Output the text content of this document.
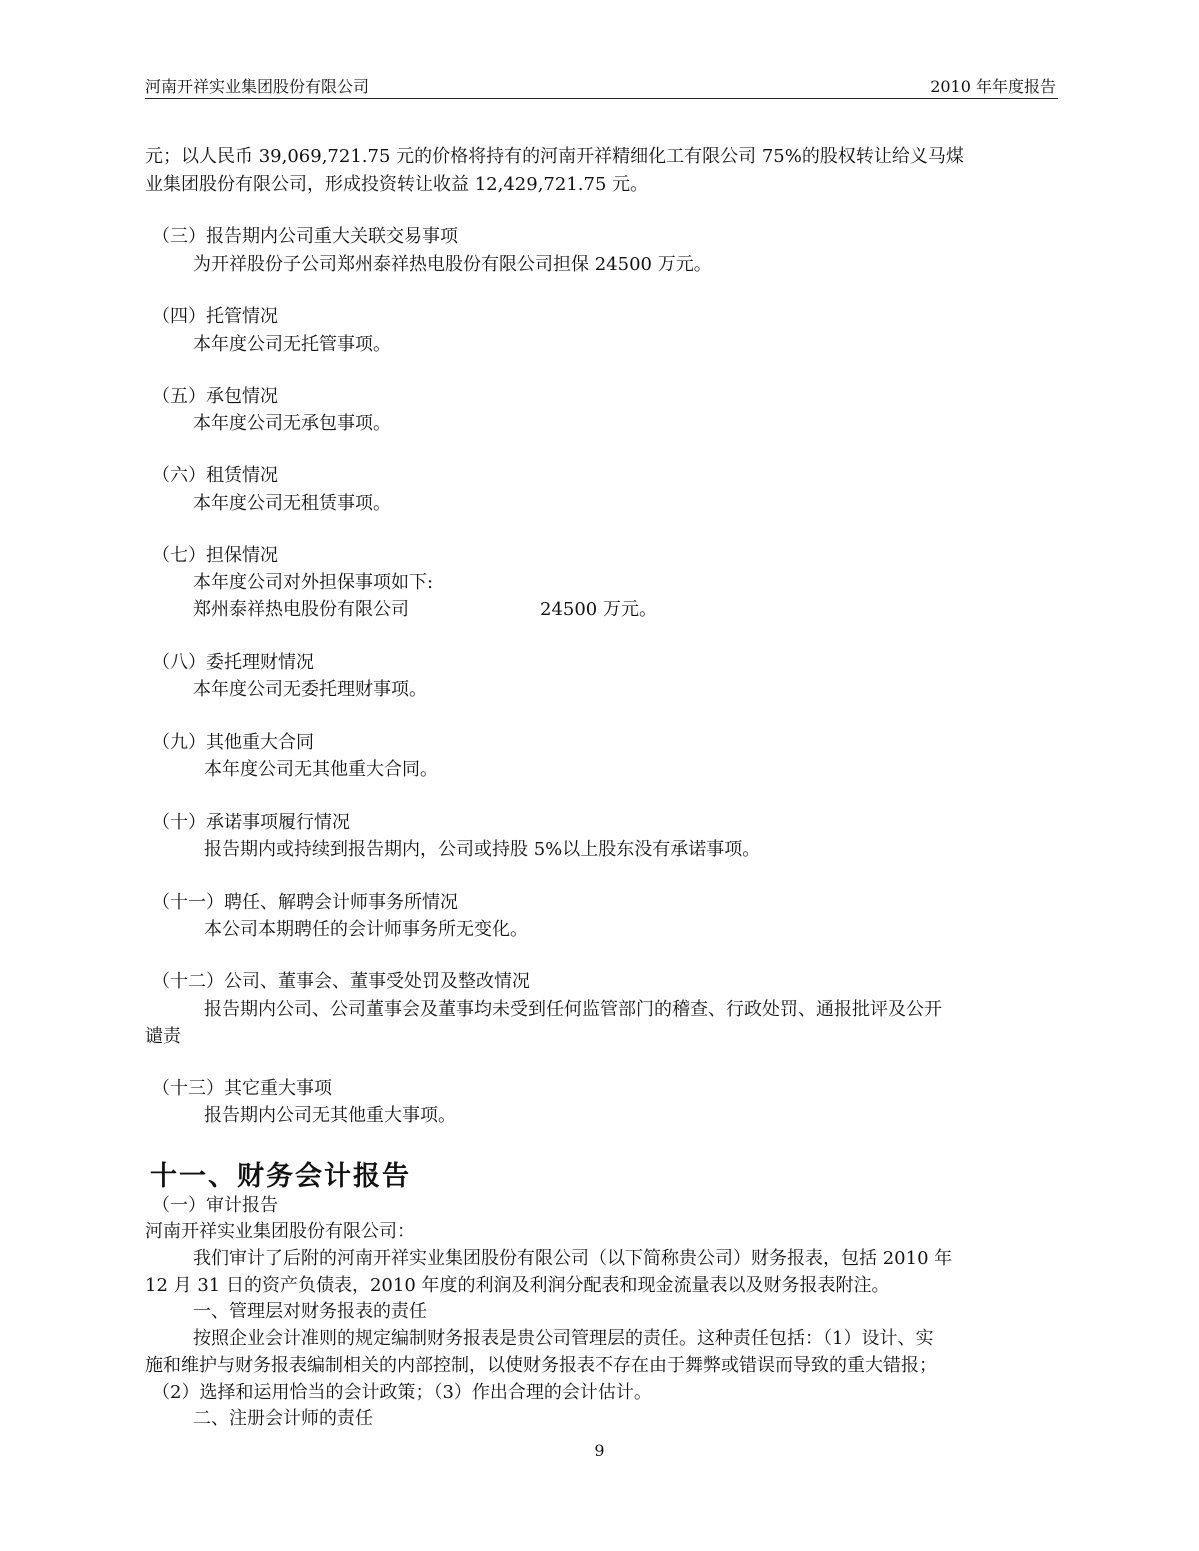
河南开祥实业集团股份有限公司	2010 年年度报告
元；以人民币 39,069,721.75 元的价格将持有的河南开祥精细化工有限公司 75%的股权转让给义马煤
业集团股份有限公司，形成投资转让收益 12,429,721.75 元。
（三）报告期内公司重大关联交易事项
为开祥股份子公司郑州泰祥热电股份有限公司担保 24500 万元。
（四）托管情况
本年度公司无托管事项。
（五）承包情况
本年度公司无承包事项。
（六）租赁情况
本年度公司无租赁事项。
（七）担保情况
本年度公司对外担保事项如下:
郑州泰祥热电股份有限公司	24500 万元。
（八）委托理财情况
本年度公司无委托理财事项。
（九）其他重大合同
本年度公司无其他重大合同。
（十）承诺事项履行情况
报告期内或持续到报告期内，公司或持股 5%以上股东没有承诺事项。
（十一）聘任、解聘会计师事务所情况
本公司本期聘任的会计师事务所无变化。
（十二）公司、董事会、董事受处罚及整改情况
报告期内公司、公司董事会及董事均未受到任何监管部门的稽查、行政处罚、通报批评及公开
谴责
（十三）其它重大事项
报告期内公司无其他重大事项。
十一、财务会计报告
（一）审计报告
河南开祥实业集团股份有限公司：
我们审计了后附的河南开祥实业集团股份有限公司（以下简称贵公司）财务报表，包括 2010 年
12 月 31 日的资产负债表，2010 年度的利润及利润分配表和现金流量表以及财务报表附注。
一、管理层对财务报表的责任
按照企业会计准则的规定编制财务报表是贵公司管理层的责任。这种责任包括：（1）设计、实
施和维护与财务报表编制相关的内部控制，以使财务报表不存在由于舞弊或错误而导致的重大错报；
（2）选择和运用恰当的会计政策；（3）作出合理的会计估计。
二、注册会计师的责任
9
